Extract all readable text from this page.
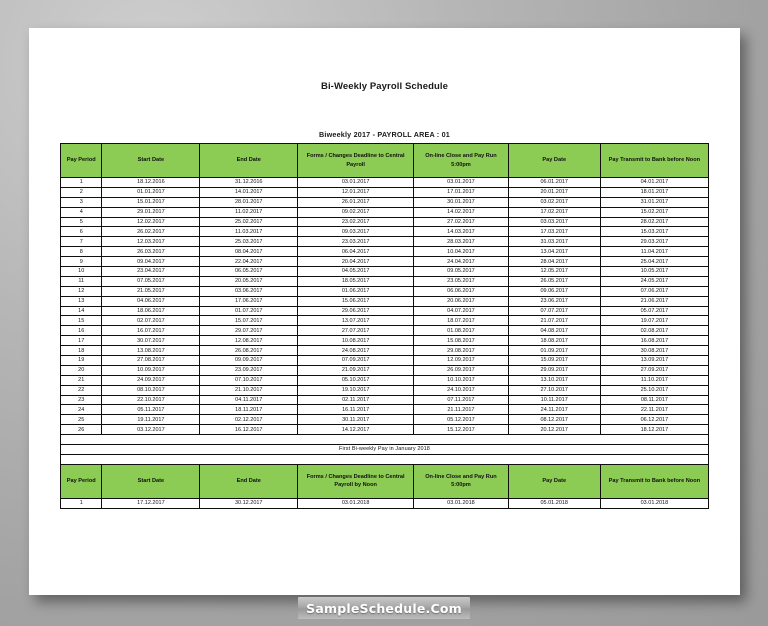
Bi-Weekly Payroll Schedule
Biweekly 2017 - PAYROLL AREA : 01
Pay Period	Start Date	End Date	Forms / Changes Deadline to Central Payroll	On-line Close and Pay Run 5:00pm	Pay Date	Pay Transmit to Bank before Noon
1	18.12.2016	31.12.2016	03.01.2017	03.01.2017	06.01.2017	04.01.2017
2	01.01.2017	14.01.2017	12.01.2017	17.01.2017	20.01.2017	18.01.2017
3	15.01.2017	28.01.2017	26.01.2017	30.01.2017	03.02.2017	31.01.2017
4	29.01.2017	11.02.2017	09.02.2017	14.02.2017	17.02.2017	15.02.2017
5	12.02.2017	25.02.2017	23.02.2017	27.02.2017	03.03.2017	28.02.2017
6	26.02.2017	11.03.2017	09.03.2017	14.03.2017	17.03.2017	15.03.2017
7	12.03.2017	25.03.2017	23.03.2017	28.03.2017	31.03.2017	29.03.2017
8	26.03.2017	08.04.2017	06.04.2017	10.04.2017	13.04.2017	11.04.2017
9	09.04.2017	22.04.2017	20.04.2017	24.04.2017	28.04.2017	25.04.2017
10	23.04.2017	06.05.2017	04.05.2017	09.05.2017	12.05.2017	10.05.2017
11	07.05.2017	20.05.2017	18.05.2017	23.05.2017	26.05.2017	24.05.2017
12	21.05.2017	03.06.2017	01.06.2017	06.06.2017	09.06.2017	07.06.2017
13	04.06.2017	17.06.2017	15.06.2017	20.06.2017	23.06.2017	21.06.2017
14	18.06.2017	01.07.2017	29.06.2017	04.07.2017	07.07.2017	05.07.2017
15	02.07.2017	15.07.2017	13.07.2017	18.07.2017	21.07.2017	19.07.2017
16	16.07.2017	29.07.2017	27.07.2017	01.08.2017	04.08.2017	02.08.2017
17	30.07.2017	12.08.2017	10.08.2017	15.08.2017	18.08.2017	16.08.2017
18	13.08.2017	26.08.2017	24.08.2017	29.08.2017	01.09.2017	30.08.2017
19	27.08.2017	09.09.2017	07.09.2017	12.09.2017	15.09.2017	13.09.2017
20	10.09.2017	23.09.2017	21.09.2017	26.09.2017	29.09.2017	27.09.2017
21	24.09.2017	07.10.2017	05.10.2017	10.10.2017	13.10.2017	11.10.2017
22	08.10.2017	21.10.2017	19.10.2017	24.10.2017	27.10.2017	25.10.2017
23	22.10.2017	04.11.2017	02.11.2017	07.11.2017	10.11.2017	08.11.2017
24	05.11.2017	18.11.2017	16.11.2017	21.11.2017	24.11.2017	22.11.2017
25	19.11.2017	02.12.2017	30.11.2017	05.12.2017	08.12.2017	06.12.2017
26	03.12.2017	16.12.2017	14.12.2017	15.12.2017	20.12.2017	18.12.2017

First Bi-weekly Pay in January 2018						

Pay Period	Start Date	End Date	Forms / Changes Deadline to Central Payroll by Noon	On-line Close and Pay Run 5:00pm	Pay Date	Pay Transmit to Bank before Noon
1	17.12.2017	30.12.2017	03.01.2018	03.01.2018	05.01.2018	03.01.2018
SampleSchedule.Com
